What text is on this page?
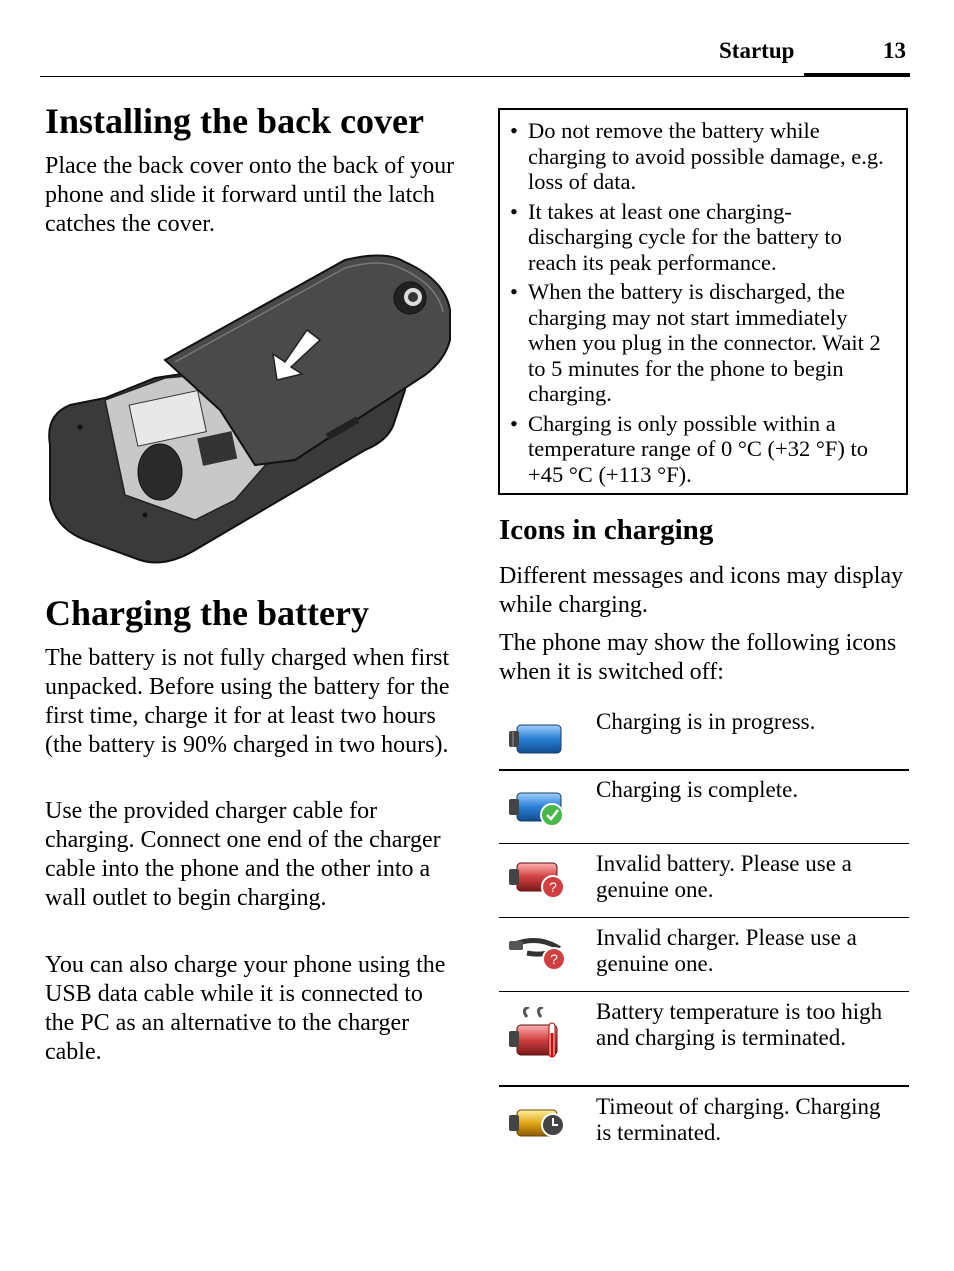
Startup	13
Installing the back cover

Place the back cover onto the back of your phone and slide it forward until the latch catches the cover.

Charging the battery

The battery is not fully charged when first unpacked. Before using the battery for the first time, charge it for at least two hours (the battery is 90% charged in two hours).

Use the provided charger cable for charging. Connect one end of the charger cable into the phone and the other into a wall outlet to begin charging.

You can also charge your phone using the USB data cable while it is connected to the PC as an alternative to the charger cable.

• Do not remove the battery while charging to avoid possible damage, e.g. loss of data.
• It takes at least one charging-discharging cycle for the battery to reach its peak performance.
• When the battery is discharged, the charging may not start immediately when you plug in the connector. Wait 2 to 5 minutes for the phone to begin charging.
• Charging is only possible within a temperature range of 0 °C (+32 °F) to +45 °C (+113 °F).
Icons in charging

Different messages and icons may display while charging.

The phone may show the following icons when it is switched off:

Charging is in progress.
Charging is complete.
?
Invalid battery. Please use a genuine one.
?
Invalid charger. Please use a genuine one.
Battery temperature is too high and charging is terminated.
Timeout of charging. Charging is terminated.
